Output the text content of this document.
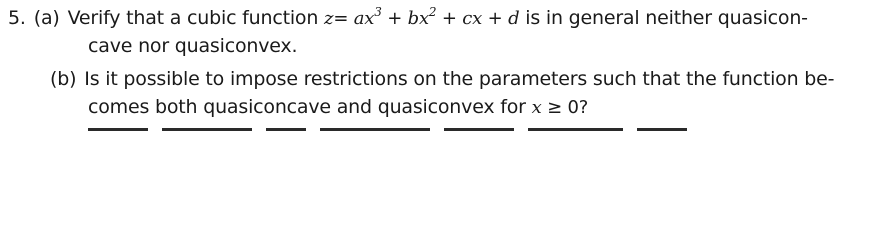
5. (a) Verify that a cubic function $z= ax^3 + bx^2$ + cx + d is in general neither quasicon-
cave nor quasiconvex.
(b) Is it possible to impose restrictions on the parameters such that the function be-
comes both quasiconcave and quasiconvex for x ≥ 0?
